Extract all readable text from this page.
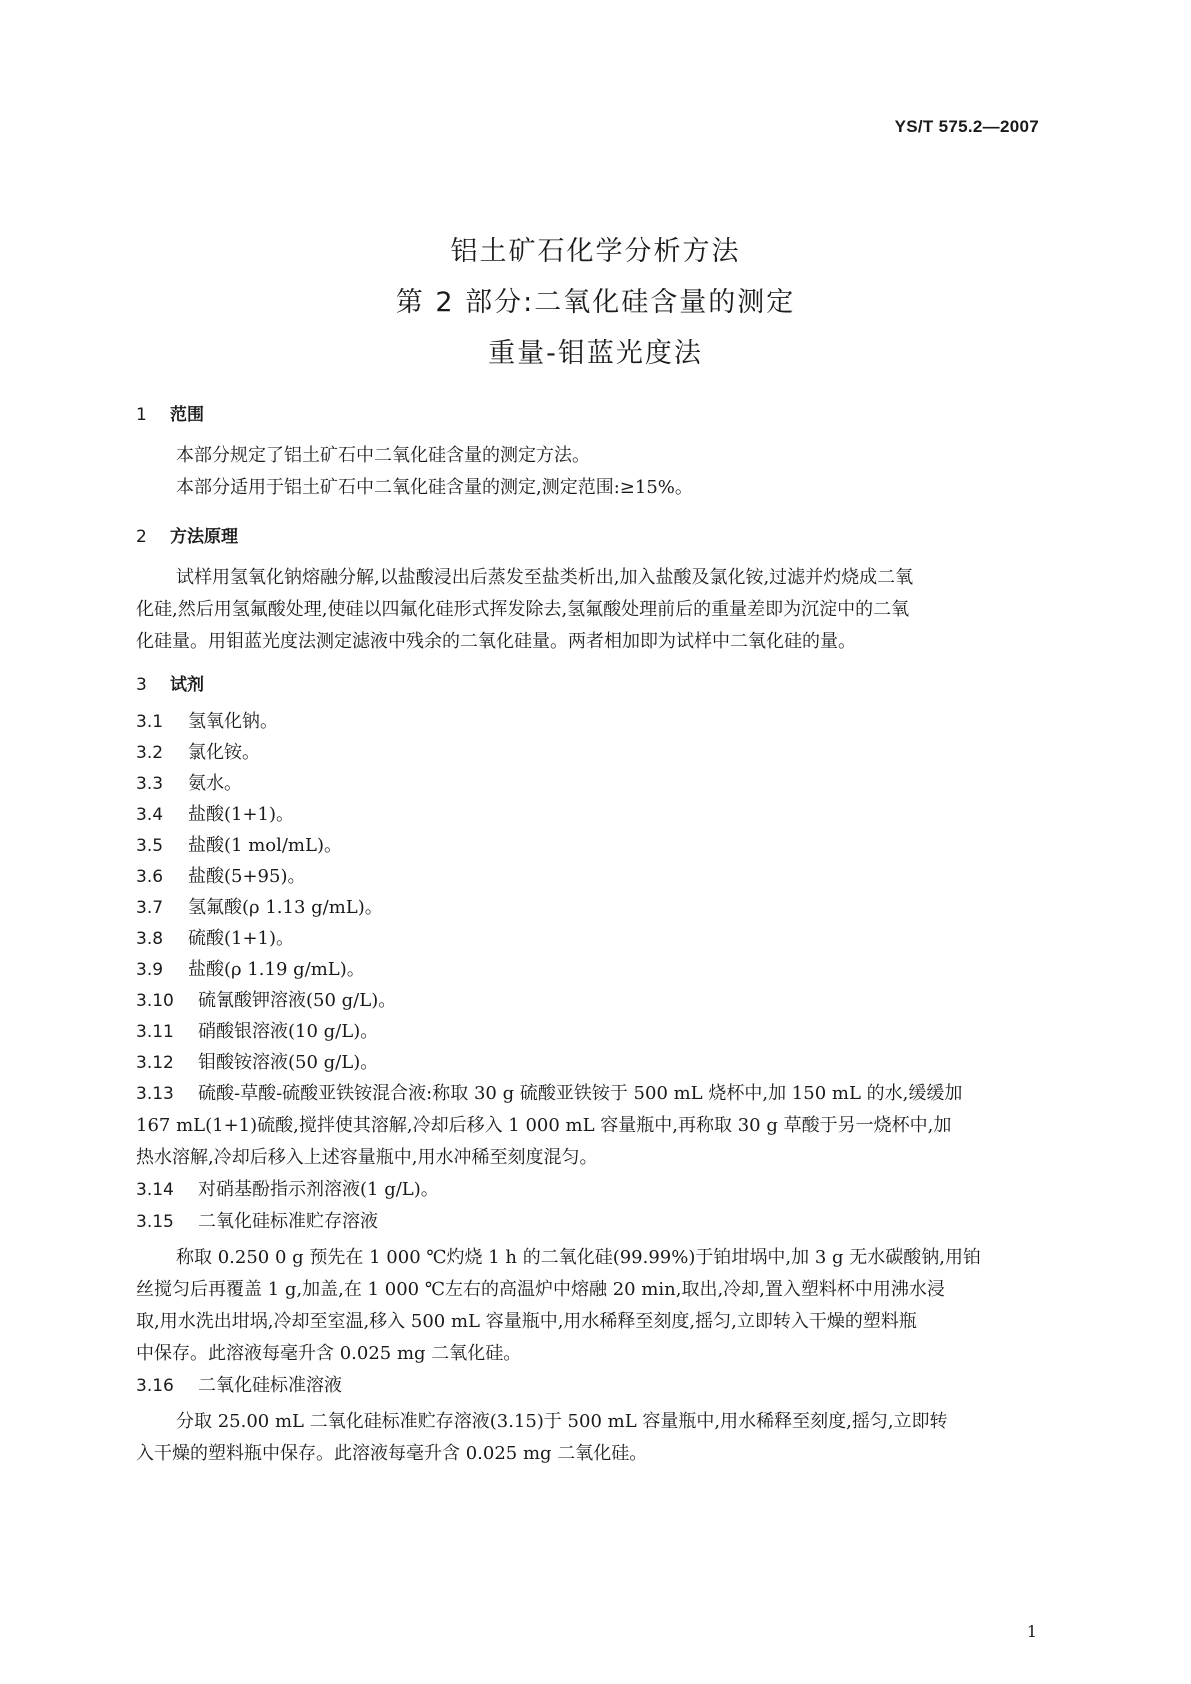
YS/T 575.2—2007
铝土矿石化学分析方法
第 2 部分:二氧化硅含量的测定
重量-钼蓝光度法
1 范围
本部分规定了铝土矿石中二氧化硅含量的测定方法。
本部分适用于铝土矿石中二氧化硅含量的测定,测定范围:≥15%。
2 方法原理
试样用氢氧化钠熔融分解,以盐酸浸出后蒸发至盐类析出,加入盐酸及氯化铵,过滤并灼烧成二氧
化硅,然后用氢氟酸处理,使硅以四氟化硅形式挥发除去,氢氟酸处理前后的重量差即为沉淀中的二氧
化硅量。用钼蓝光度法测定滤液中残余的二氧化硅量。两者相加即为试样中二氧化硅的量。
3 试剂
3.1 氢氧化钠。
3.2 氯化铵。
3.3 氨水。
3.4 盐酸(1+1)。
3.5 盐酸(1 mol/mL)。
3.6 盐酸(5+95)。
3.7 氢氟酸(ρ 1.13 g/mL)。
3.8 硫酸(1+1)。
3.9 盐酸(ρ 1.19 g/mL)。
3.10 硫氰酸钾溶液(50 g/L)。
3.11 硝酸银溶液(10 g/L)。
3.12 钼酸铵溶液(50 g/L)。
3.13 硫酸-草酸-硫酸亚铁铵混合液:称取 30 g 硫酸亚铁铵于 500 mL 烧杯中,加 150 mL 的水,缓缓加
167 mL(1+1)硫酸,搅拌使其溶解,冷却后移入 1 000 mL 容量瓶中,再称取 30 g 草酸于另一烧杯中,加
热水溶解,冷却后移入上述容量瓶中,用水冲稀至刻度混匀。
3.14 对硝基酚指示剂溶液(1 g/L)。
3.15 二氧化硅标准贮存溶液
称取 0.250 0 g 预先在 1 000 ℃灼烧 1 h 的二氧化硅(99.99%)于铂坩埚中,加 3 g 无水碳酸钠,用铂
丝搅匀后再覆盖 1 g,加盖,在 1 000 ℃左右的高温炉中熔融 20 min,取出,冷却,置入塑料杯中用沸水浸
取,用水洗出坩埚,冷却至室温,移入 500 mL 容量瓶中,用水稀释至刻度,摇匀,立即转入干燥的塑料瓶
中保存。此溶液每毫升含 0.025 mg 二氧化硅。
3.16 二氧化硅标准溶液
分取 25.00 mL 二氧化硅标准贮存溶液(3.15)于 500 mL 容量瓶中,用水稀释至刻度,摇匀,立即转
入干燥的塑料瓶中保存。此溶液每毫升含 0.025 mg 二氧化硅。
1
